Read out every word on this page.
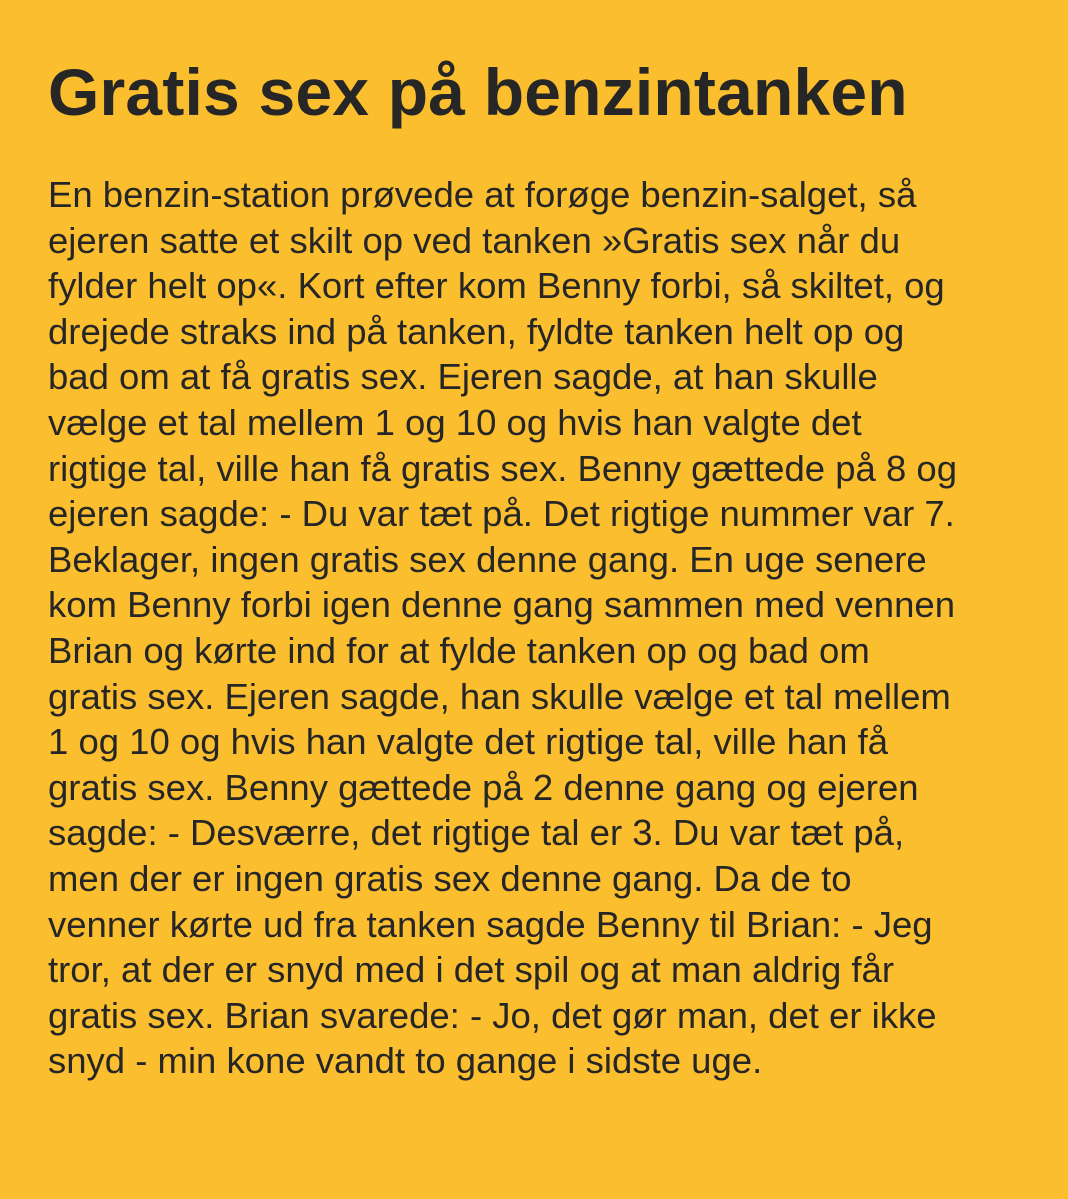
Gratis sex på benzintanken

En benzin-station prøvede at forøge benzin-salget, så
ejeren satte et skilt op ved tanken »Gratis sex når du
fylder helt op«. Kort efter kom Benny forbi, så skiltet, og
drejede straks ind på tanken, fyldte tanken helt op og
bad om at få gratis sex. Ejeren sagde, at han skulle
vælge et tal mellem 1 og 10 og hvis han valgte det
rigtige tal, ville han få gratis sex. Benny gættede på 8 og
ejeren sagde: - Du var tæt på. Det rigtige nummer var 7.
Beklager, ingen gratis sex denne gang. En uge senere
kom Benny forbi igen denne gang sammen med vennen
Brian og kørte ind for at fylde tanken op og bad om
gratis sex. Ejeren sagde, han skulle vælge et tal mellem
1 og 10 og hvis han valgte det rigtige tal, ville han få
gratis sex. Benny gættede på 2 denne gang og ejeren
sagde: - Desværre, det rigtige tal er 3. Du var tæt på,
men der er ingen gratis sex denne gang. Da de to
venner kørte ud fra tanken sagde Benny til Brian: - Jeg
tror, at der er snyd med i det spil og at man aldrig får
gratis sex. Brian svarede: - Jo, det gør man, det er ikke
snyd - min kone vandt to gange i sidste uge.
